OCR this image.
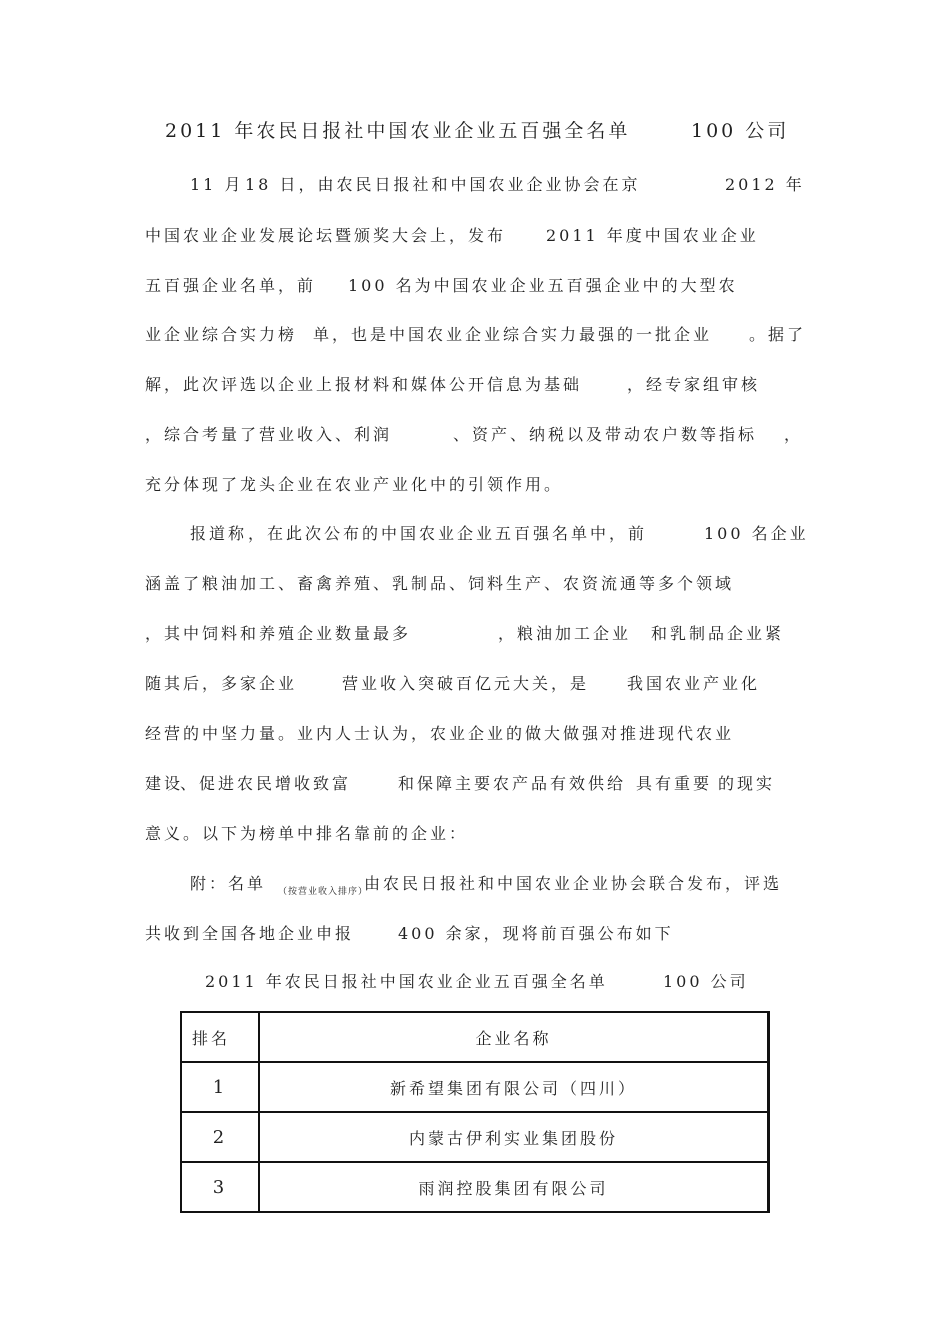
2011 年农民日报社中国农业企业五百强全名单	100 公司
11 月 18 日，由农民日报社和中国农业企业协会在京	2012 年
中国农业企业发展论坛暨颁奖大会上，发布 2011 年度中国农业企业
五百强企业名单，前 100 名为中国农业企业五百强企业中的大型农
业企业综合实力榜 单，也是中国农业企业综合实力最强的一批企业 。据了
解，此次评选以企业上报材料和媒体公开信息为基础	，经专家组审核
，综合考量了营业收入、利润	、资产、纳税以及带动农户数等指标 ，
充分体现了龙头企业在农业产业化中的引领作用。
报道称 ，在此次公布的中国农业企业五百强名单中，前	100 名企业
涵盖了粮油加工、畜禽养殖、乳制品、饲料生产、农资流通等多个领域
，其中饲料和养殖企业数量最多	，粮油加工企业 和乳制品企业紧
随其后，多家企业	营业收入突破百亿元大关，是 我国农业产业化
经营的中坚力量。业内人士认为，农业企业的做大做强对推进现代农业
建设
、促进农民增收致富	和保障主要农产品有效供给 具有重要 的现实
意义。以下为榜单中排名靠前的企业：
附：名单 （按营业收入排序）
由农民日报社和中国农业企业协会联合发布，评选
共收到全国各地企业申报	400 余家，现将前百强公布如下
2011 年农民日报社中国农业企业五百强全名单	100 公司
排名	企业名称
1	新希望集团有限公司（四川）
2	内蒙古伊利实业集团股份
3	雨润控股集团有限公司
